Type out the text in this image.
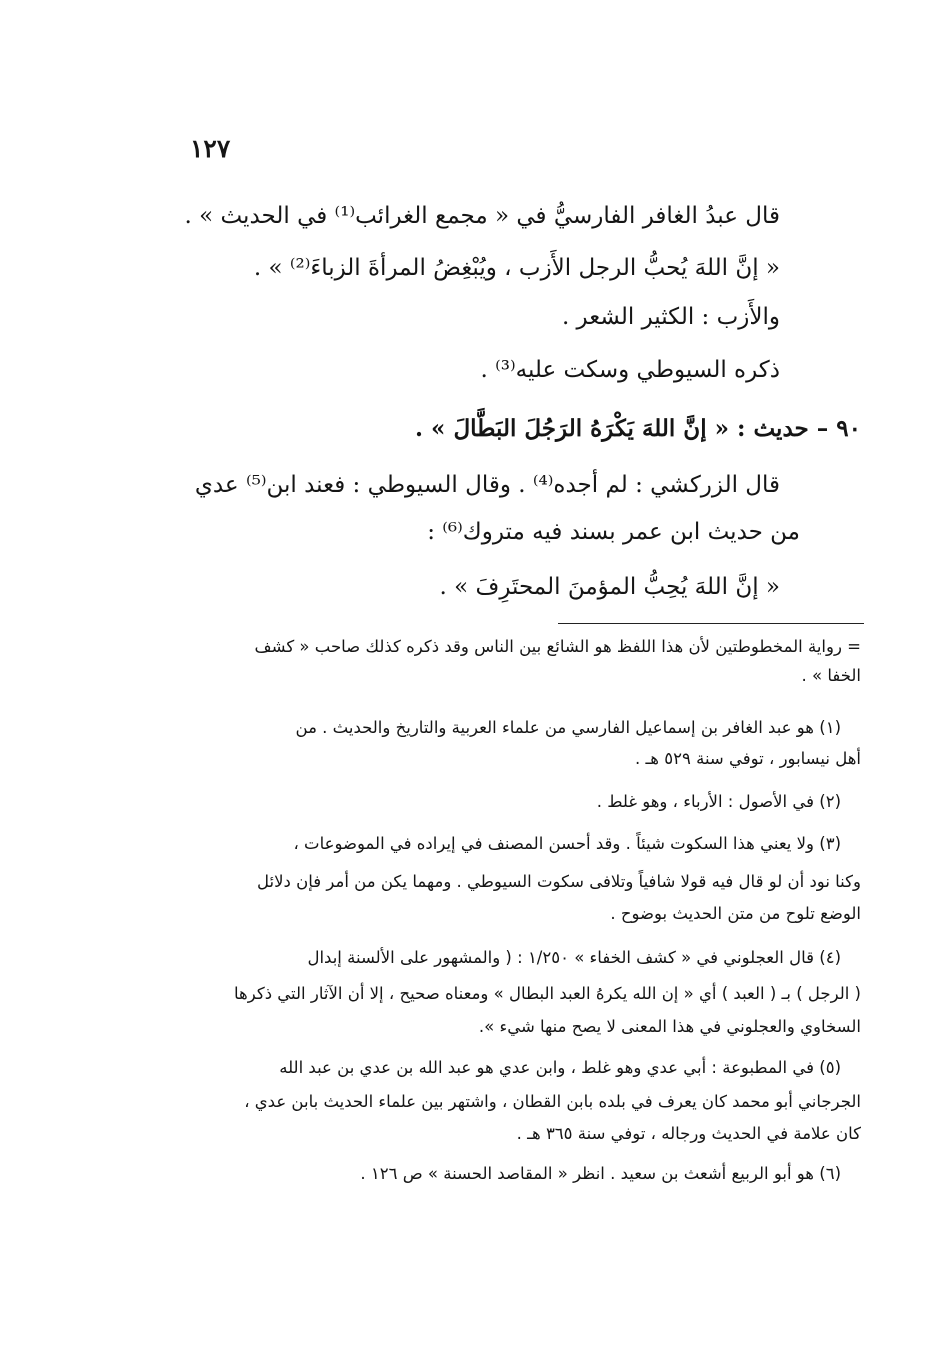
١٢٧
قال عبدُ الغافر الفارسيُّ في « مجمع الغرائب⁽¹⁾ في الحديث » .
« إنَّ اللهَ يُحبُّ الرجل الأَزب ، ويُبْغِضُ المرأةَ الزباءَ⁽²⁾ » .
والأَزب : الكثير الشعر .
ذكره السيوطي وسكت عليه⁽³⁾ .
٩٠ – حديث : « إنَّ اللهَ يَكْرَهُ الرَجُلَ البَطَّالَ » .
قال الزركشي : لم أجده⁽⁴⁾ . وقال السيوطي : فعند ابن⁽⁵⁾ عدي
من حديث ابن عمر بسند فيه متروك⁽⁶⁾ :
« إنَّ اللهَ يُحِبُّ المؤمنَ المحتَرِفَ » .
= رواية المخطوطتين لأن هذا اللفظ هو الشائع بين الناس وقد ذكره كذلك صاحب « كشف
الخفا » .
(١) هو عبد الغافر بن إسماعيل الفارسي من علماء العربية والتاريخ والحديث . من
أهل نيسابور ، توفي سنة ٥٢٩ هـ .
(٢) في الأصول : الأرباء ، وهو غلط .
(٣) ولا يعني هذا السكوت شيئاً . وقد أحسن المصنف في إيراده في الموضوعات ،
وكنا نود أن لو قال فيه قولا شافياً وتلافى سكوت السيوطي . ومهما يكن من أمر فإن دلائل
الوضع تلوح من متن الحديث بوضوح .
(٤) قال العجلوني في « كشف الخفاء » ١/٢٥٠ : ( والمشهور على الألسنة إبدال
( الرجل ) بـ ( العبد ) أي « إن الله يكرهُ العبد البطال » ومعناه صحيح ، إلا أن الآثار التي ذكرها
السخاوي والعجلوني في هذا المعنى لا يصح منها شيء ».
(٥) في المطبوعة : أبي عدي وهو غلط ، وابن عدي هو عبد الله بن عدي بن عبد الله
الجرجاني أبو محمد كان يعرف في بلده بابن القطان ، واشتهر بين علماء الحديث بابن عدي ،
كان علامة في الحديث ورجاله ، توفي سنة ٣٦٥ هـ .
(٦) هو أبو الربيع أشعث بن سعيد . انظر « المقاصد الحسنة » ص ١٢٦ .
